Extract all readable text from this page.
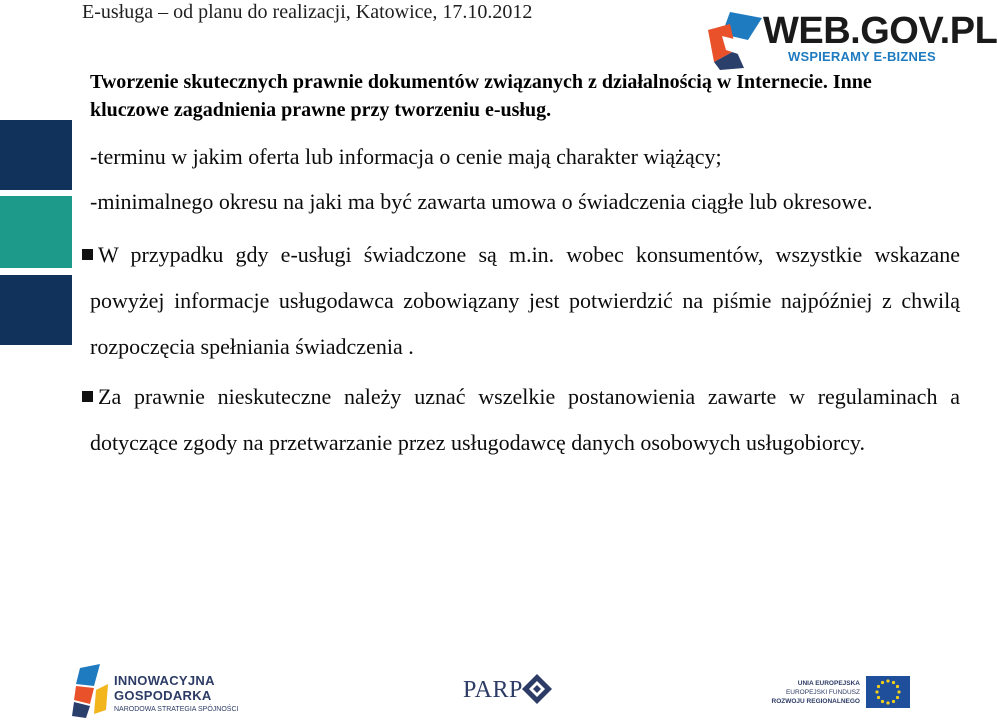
E-usługa – od planu do realizacji, Katowice, 17.10.2012	WEB.GOV.PL
WSPIERAMY E-BIZNES
Tworzenie skutecznych prawnie dokumentów związanych z działalnością w Internecie. Inne kluczowe zagadnienia prawne przy tworzeniu e-usług.

-terminu w jakim oferta lub informacja o cenie mają charakter wiążący;

-minimalnego okresu na jaki ma być zawarta umowa o świadczenia ciągłe lub okresowe.

W przypadku gdy e-usługi świadczone są m.in. wobec konsumentów, wszystkie wskazane powyżej informacje usługodawca zobowiązany jest potwierdzić na piśmie najpóźniej z chwilą rozpoczęcia spełniania świadczenia .

Za prawnie nieskuteczne należy uznać wszelkie postanowienia zawarte w regulaminach a dotyczące zgody na przetwarzanie przez usługodawcę danych osobowych usługobiorcy.

INNOWACYJNA
GOSPODARKA
NARODOWA STRATEGIA SPÓJNOŚCI
PARP	UNIA EUROPEJSKA
EUROPEJSKI FUNDUSZ
ROZWOJU REGIONALNEGO
